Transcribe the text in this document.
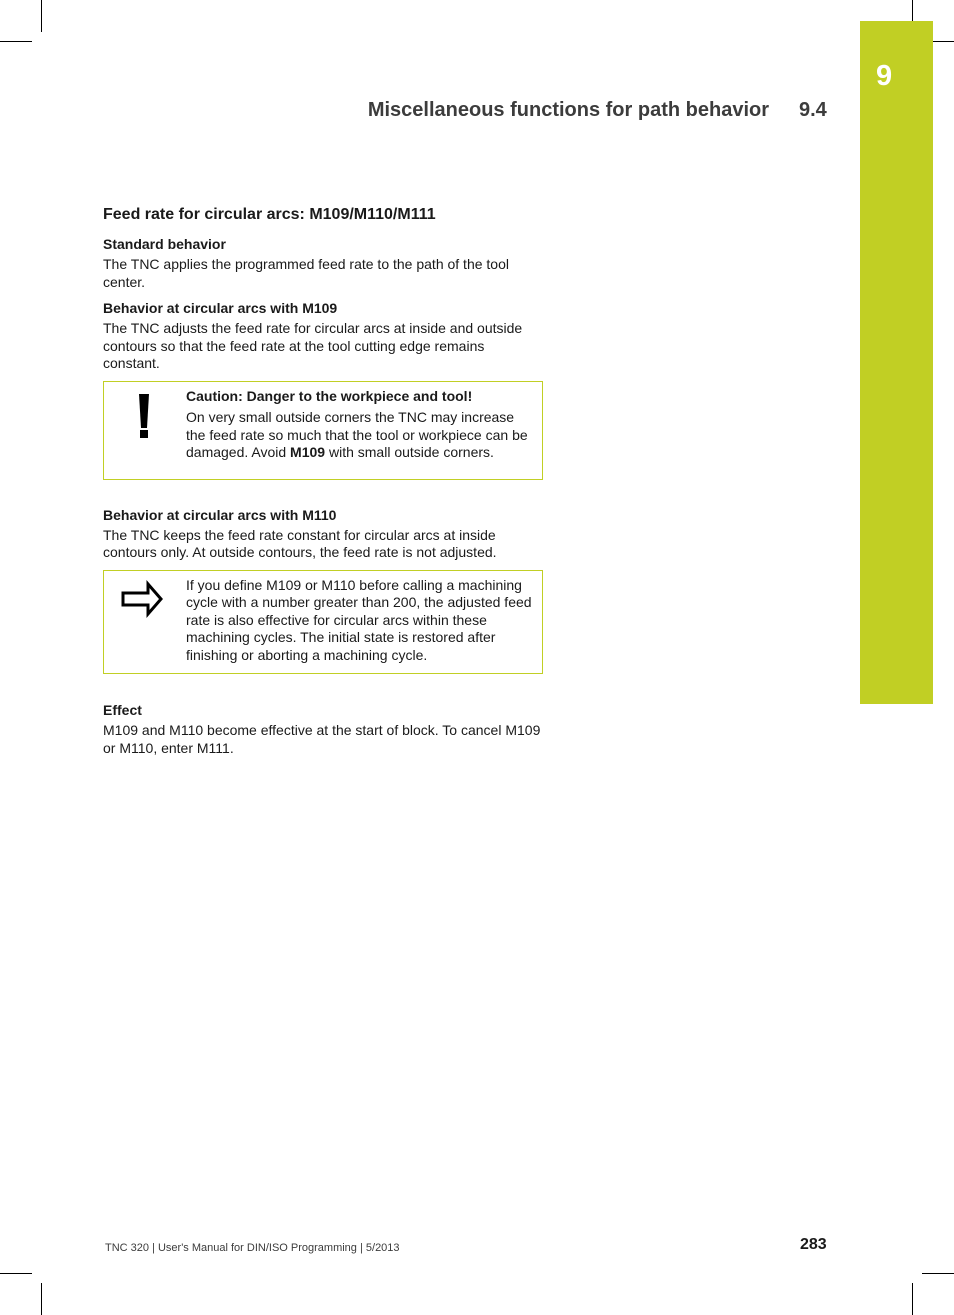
9
Miscellaneous functions for path behavior 9.4
Feed rate for circular arcs: M109/M110/M111
Standard behavior
The TNC applies the programmed feed rate to the path of the tool center.
Behavior at circular arcs with M109
The TNC adjusts the feed rate for circular arcs at inside and outside contours so that the feed rate at the tool cutting edge remains constant.
Caution: Danger to the workpiece and tool!
On very small outside corners the TNC may increase the feed rate so much that the tool or workpiece can be damaged. Avoid M109 with small outside corners.
Behavior at circular arcs with M110
The TNC keeps the feed rate constant for circular arcs at inside contours only. At outside contours, the feed rate is not adjusted.
If you define M109 or M110 before calling a machining cycle with a number greater than 200, the adjusted feed rate is also effective for circular arcs within these machining cycles. The initial state is restored after finishing or aborting a machining cycle.
Effect
M109 and M110 become effective at the start of block. To cancel M109 or M110, enter M111.
TNC 320 | User's Manual for DIN/ISO Programming | 5/2013	283
